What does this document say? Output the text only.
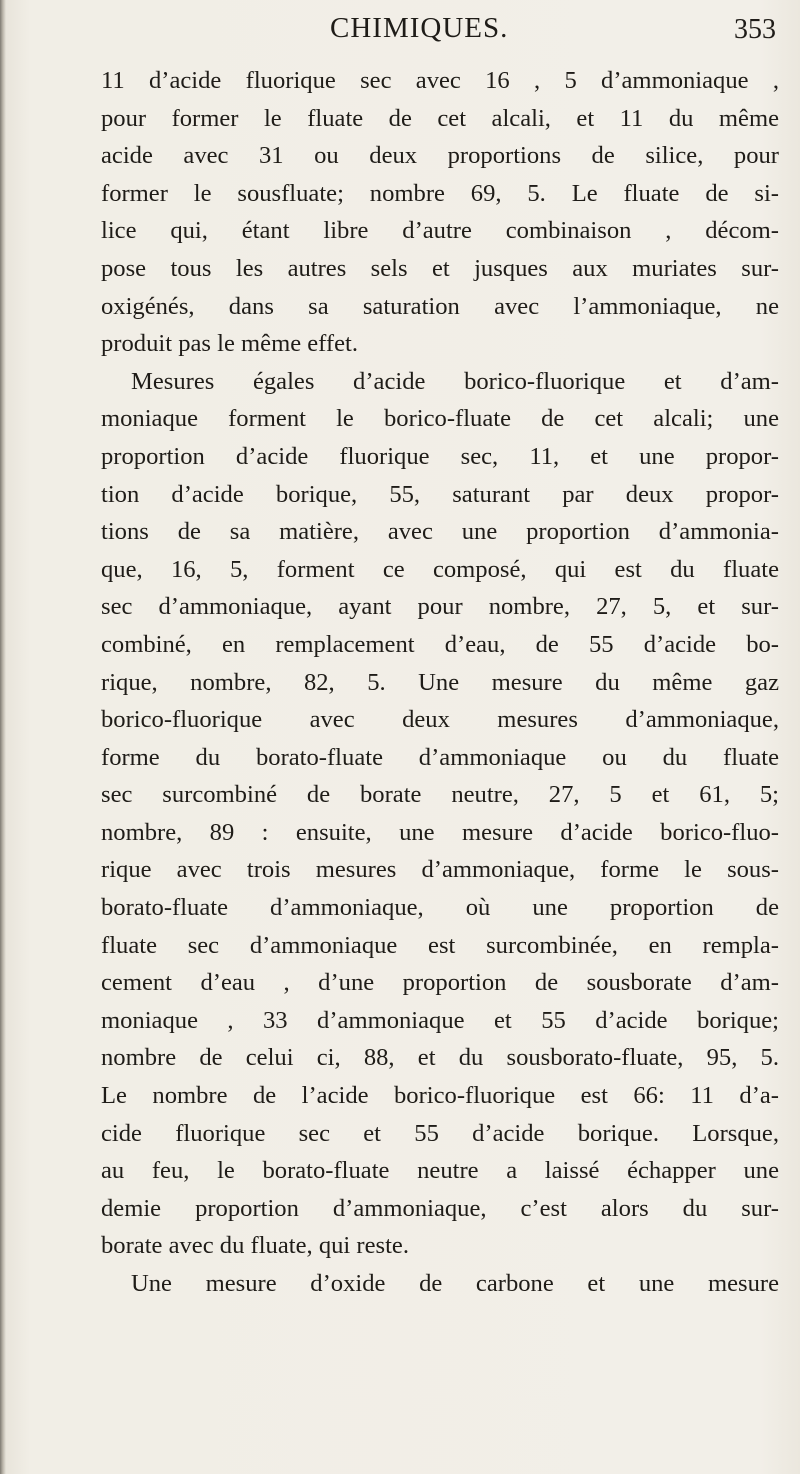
CHIMIQUES.	353
11 d’acide fluorique sec avec 16 , 5 d’ammoniaque ,
pour former le fluate de cet alcali, et 11 du même
acide avec 31 ou deux proportions de silice, pour
former le sousfluate; nombre 69, 5. Le fluate de si-
lice qui, étant libre d’autre combinaison , décom-
pose tous les autres sels et jusques aux muriates sur-
oxigénés, dans sa saturation avec l’ammoniaque, ne
produit pas le même effet.
Mesures égales d’acide borico-fluorique et d’am-
moniaque forment le borico-fluate de cet alcali; une
proportion d’acide fluorique sec, 11, et une propor-
tion d’acide borique, 55, saturant par deux propor-
tions de sa matière, avec une proportion d’ammonia-
que, 16, 5, forment ce composé, qui est du fluate
sec d’ammoniaque, ayant pour nombre, 27, 5, et sur-
combiné, en remplacement d’eau, de 55 d’acide bo-
rique, nombre, 82, 5. Une mesure du même gaz
borico-fluorique avec deux mesures d’ammoniaque,
forme du borato-fluate d’ammoniaque ou du fluate
sec surcombiné de borate neutre, 27, 5 et 61, 5;
nombre, 89 : ensuite, une mesure d’acide borico-fluo-
rique avec trois mesures d’ammoniaque, forme le sous-
borato-fluate d’ammoniaque, où une proportion de
fluate sec d’ammoniaque est surcombinée, en rempla-
cement d’eau , d’une proportion de sousborate d’am-
moniaque , 33 d’ammoniaque et 55 d’acide borique;
nombre de celui ci, 88, et du sousborato-fluate, 95, 5.
Le nombre de l’acide borico-fluorique est 66: 11 d’a-
cide fluorique sec et 55 d’acide borique. Lorsque,
au feu, le borato-fluate neutre a laissé échapper une
demie proportion d’ammoniaque, c’est alors du sur-
borate avec du fluate, qui reste.
Une mesure d’oxide de carbone et une mesure
